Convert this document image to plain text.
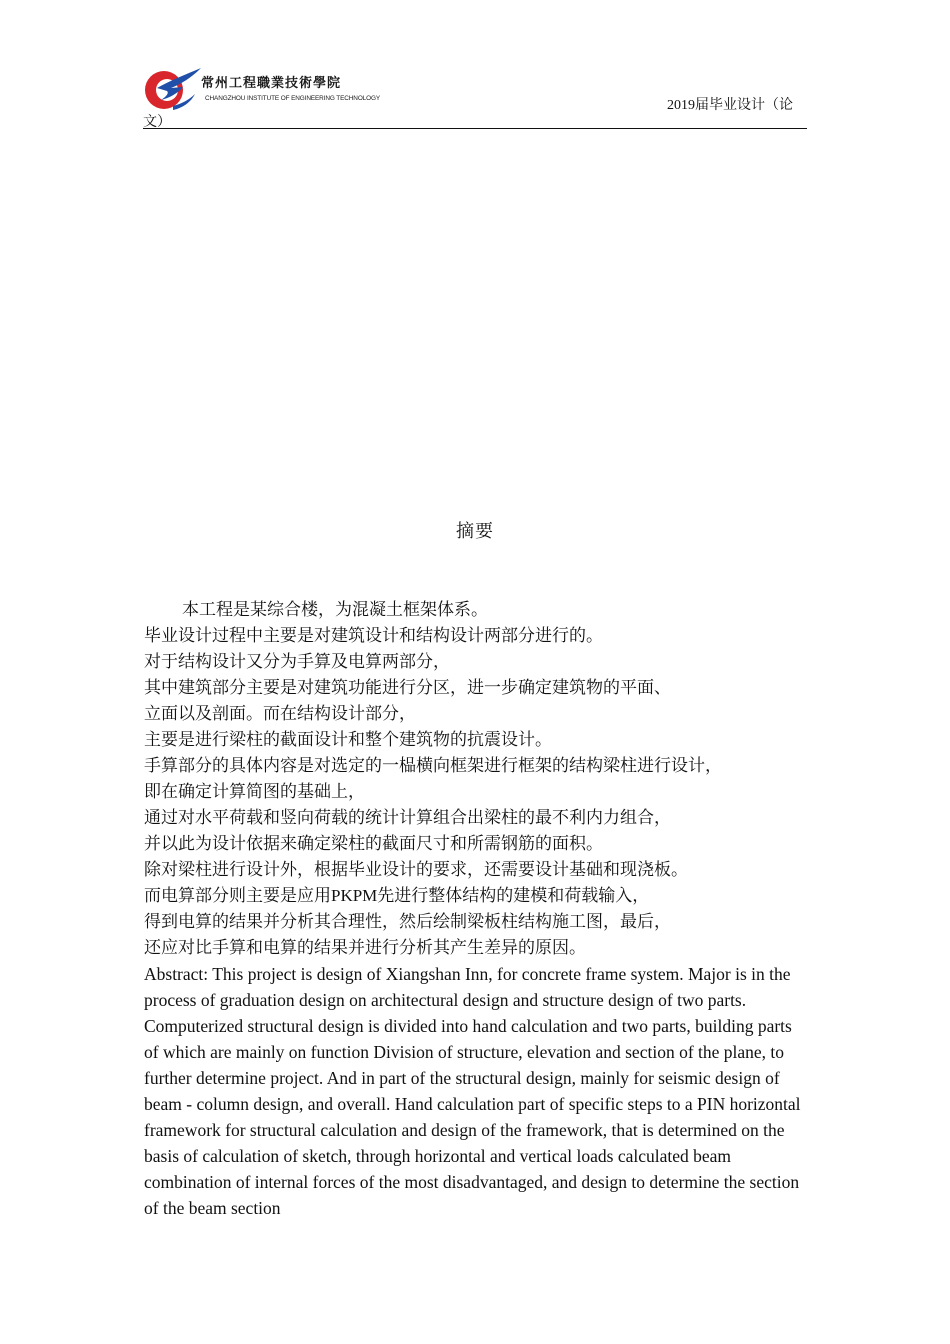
常州工程職業技術學院
CHANGZHOU INSTITUTE OF ENGINEERING TECHNOLOGY	2019届毕业设计（论
文）
摘要
本工程是某综合楼，为混凝土框架体系。
毕业设计过程中主要是对建筑设计和结构设计两部分进行的。
对于结构设计又分为手算及电算两部分，
其中建筑部分主要是对建筑功能进行分区，进一步确定建筑物的平面、
立面以及剖面。而在结构设计部分，
主要是进行梁柱的截面设计和整个建筑物的抗震设计。
手算部分的具体内容是对选定的一榀横向框架进行框架的结构梁柱进行设计，
即在确定计算简图的基础上，
通过对水平荷载和竖向荷载的统计计算组合出梁柱的最不利内力组合，
并以此为设计依据来确定梁柱的截面尺寸和所需钢筋的面积。
除对梁柱进行设计外，根据毕业设计的要求，还需要设计基础和现浇板。
而电算部分则主要是应用PKPM先进行整体结构的建模和荷载输入，
得到电算的结果并分析其合理性，然后绘制梁板柱结构施工图，最后，
还应对比手算和电算的结果并进行分析其产生差异的原因。

Abstract: This project is design of Xiangshan Inn, for concrete frame system. Major is in the process of graduation design on architectural design and structure design of two parts. Computerized structural design is divided into hand calculation and two parts, building parts of which are mainly on function Division of structure, elevation and section of the plane, to further determine project. And in part of the structural design, mainly for seismic design of beam - column design, and overall. Hand calculation part of specific steps to a PIN horizontal framework for structural calculation and design of the framework, that is determined on the basis of calculation of sketch, through horizontal and vertical loads calculated beam combination of internal forces of the most disadvantaged, and design to determine the section of the beam section
